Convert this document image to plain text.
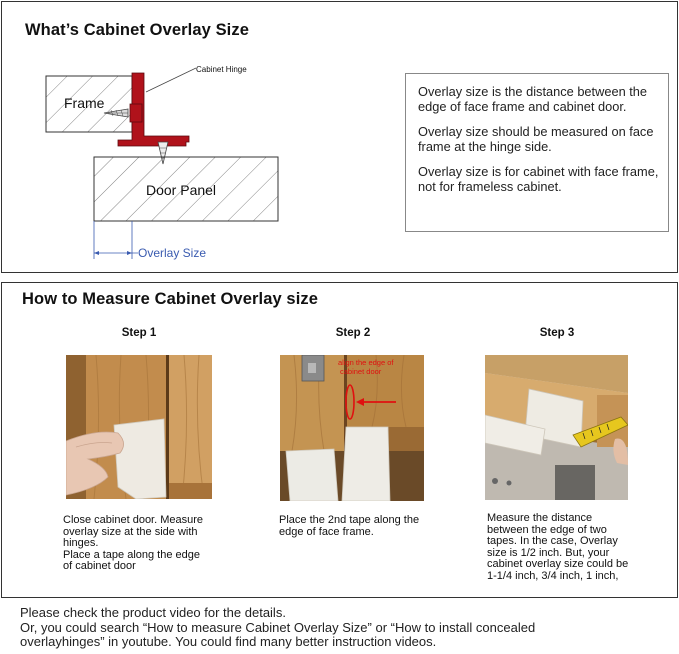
What’s Cabinet Overlay Size
Frame
Cabinet Hinge
Door Panel
Overlay Size

Overlay size is the distance between the edge of face frame and cabinet door.

Overlay size should be measured on face frame at the hinge side.

Overlay size is for cabinet with face frame, not for frameless cabinet.

How to Measure Cabinet Overlay size
Step 1
Close cabinet door. Measure
overlay size at the side with
hinges.
Place a tape along the edge
of cabinet door
Step 2
align the edge of
cabinet door
Place the 2nd tape along the
edge of face frame.
Step 3
Measure the distance
between the edge of two
tapes. In the case, Overlay
size is 1/2 inch. But, your
cabinet overlay size could be
1-1/4 inch, 3/4 inch, 1 inch,
Please check the product video for the details.
Or, you could search “How to measure Cabinet Overlay Size” or “How to install concealed
overlayhinges” in youtube. You could find many better instruction videos.
